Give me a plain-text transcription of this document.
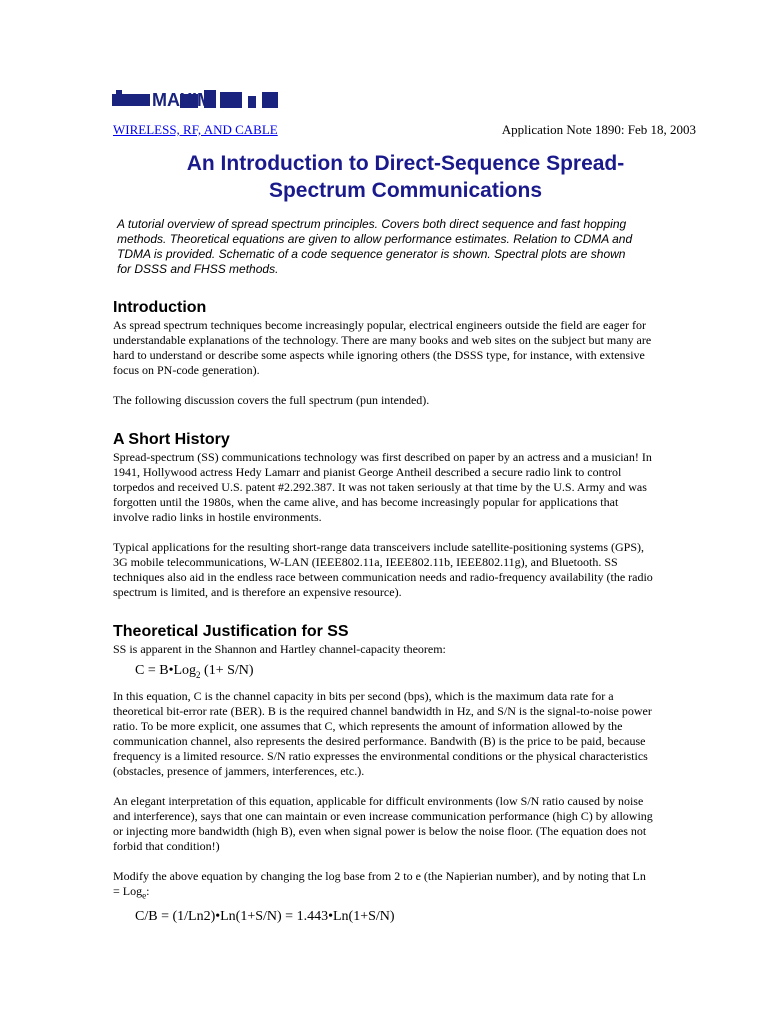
MAXIM
WIRELESS, RF, AND CABLE	Application Note 1890: Feb 18, 2003
An Introduction to Direct-Sequence Spread-
Spectrum Communications

A tutorial overview of spread spectrum principles. Covers both direct sequence and fast hopping methods. Theoretical equations are given to allow performance estimates. Relation to CDMA and TDMA is provided. Schematic of a code sequence generator is shown. Spectral plots are shown for DSSS and FHSS methods.

Introduction

As spread spectrum techniques become increasingly popular, electrical engineers outside the field are eager for understandable explanations of the technology. There are many books and web sites on the subject but many are hard to understand or describe some aspects while ignoring others (the DSSS type, for instance, with extensive focus on PN-code generation).

The following discussion covers the full spectrum (pun intended).

A Short History

Spread-spectrum (SS) communications technology was first described on paper by an actress and a musician! In 1941, Hollywood actress Hedy Lamarr and pianist George Antheil described a secure radio link to control torpedos and received U.S. patent #2.292.387. It was not taken seriously at that time by the U.S. Army and was forgotten until the 1980s, when the came alive, and has become increasingly popular for applications that involve radio links in hostile environments.

Typical applications for the resulting short-range data transceivers include satellite-positioning systems (GPS), 3G mobile telecommunications, W-LAN (IEEE802.11a, IEEE802.11b, IEEE802.11g), and Bluetooth. SS techniques also aid in the endless race between communication needs and radio-frequency availability (the radio spectrum is limited, and is therefore an expensive resource).

Theoretical Justification for SS

SS is apparent in the Shannon and Hartley channel-capacity theorem:

C = B•Log$_2$ (1+ S/N)

In this equation, C is the channel capacity in bits per second (bps), which is the maximum data rate for a theoretical bit-error rate (BER). B is the required channel bandwidth in Hz, and S/N is the signal-to-noise power ratio. To be more explicit, one assumes that C, which represents the amount of information allowed by the communication channel, also represents the desired performance. Bandwith (B) is the price to be paid, because frequency is a limited resource. S/N ratio expresses the environmental conditions or the physical characteristics (obstacles, presence of jammers, interferences, etc.).

An elegant interpretation of this equation, applicable for difficult environments (low S/N ratio caused by noise and interference), says that one can maintain or even increase communication performance (high C) by allowing or injecting more bandwidth (high B), even when signal power is below the noise floor. (The equation does not forbid that condition!)

Modify the above equation by changing the log base from 2 to e (the Napierian number), and by noting that Ln = Log$_e$:

C/B = (1/Ln2)•Ln(1+S/N) = 1.443•Ln(1+S/N)
